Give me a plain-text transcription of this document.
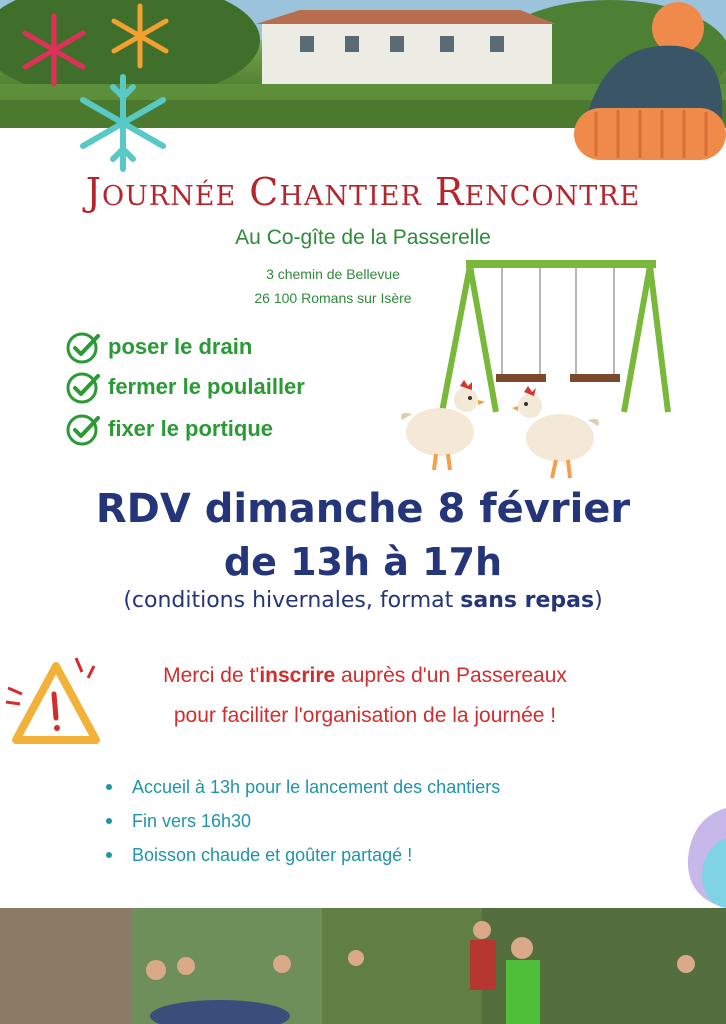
Journée Chantier Rencontre
Au Co-gîte de la Passerelle
3 chemin de Bellevue
26 100 Romans sur Isère
poser le drain
fermer le poulailler
fixer le portique
RDV dimanche 8 février
de 13h à 17h
(conditions hivernales, format sans repas)
Merci de t'inscrire auprès d'un Passereaux
pour faciliter l'organisation de la journée !
Accueil à 13h pour le lancement des chantiers
Fin vers 16h30
Boisson chaude et goûter partagé !
